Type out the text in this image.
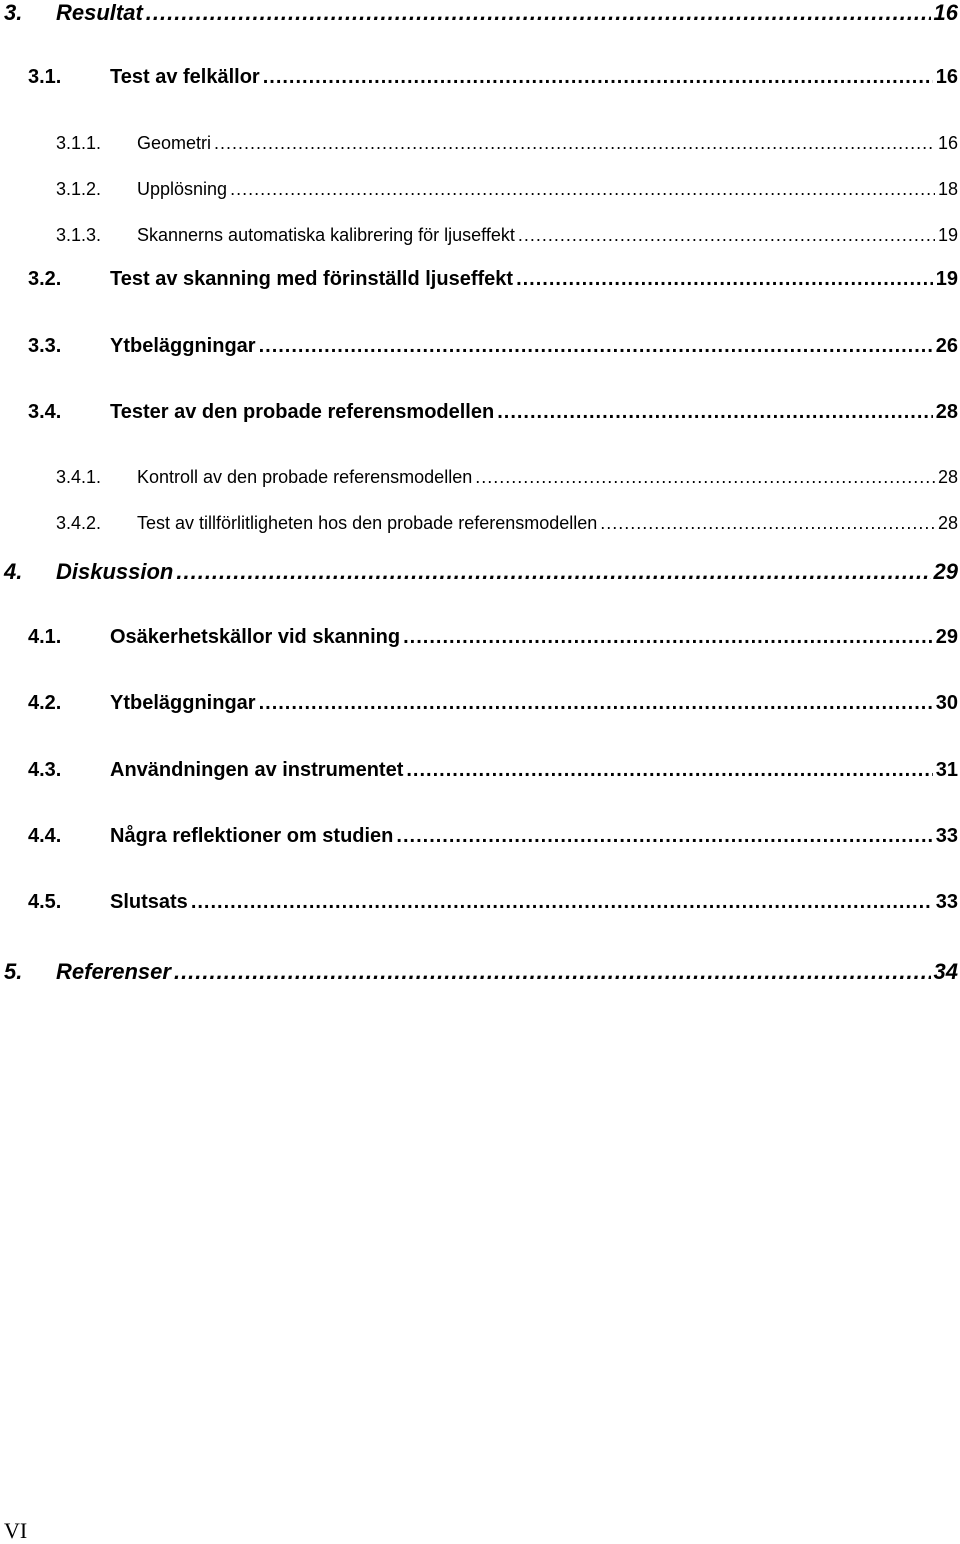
3.	Resultat .....	16
3.1.	Test av felkällor .....	16
3.1.1.	Geometri .....	16
3.1.2.	Upplösning .....	18
3.1.3.	Skannerns automatiska kalibrering för ljuseffekt .....	19
3.2.	Test av skanning med förinställd ljuseffekt .....	19
3.3.	Ytbeläggningar .....	26
3.4.	Tester av den probade referensmodellen .....	28
3.4.1.	Kontroll av den probade referensmodellen .....	28
3.4.2.	Test av tillförlitligheten hos den probade referensmodellen .....	28
4.	Diskussion .....	29
4.1.	Osäkerhetskällor vid skanning .....	29
4.2.	Ytbeläggningar .....	30
4.3.	Användningen av instrumentet .....	31
4.4.	Några reflektioner om studien .....	33
4.5.	Slutsats .....	33
5.	Referenser .....	34
VI
